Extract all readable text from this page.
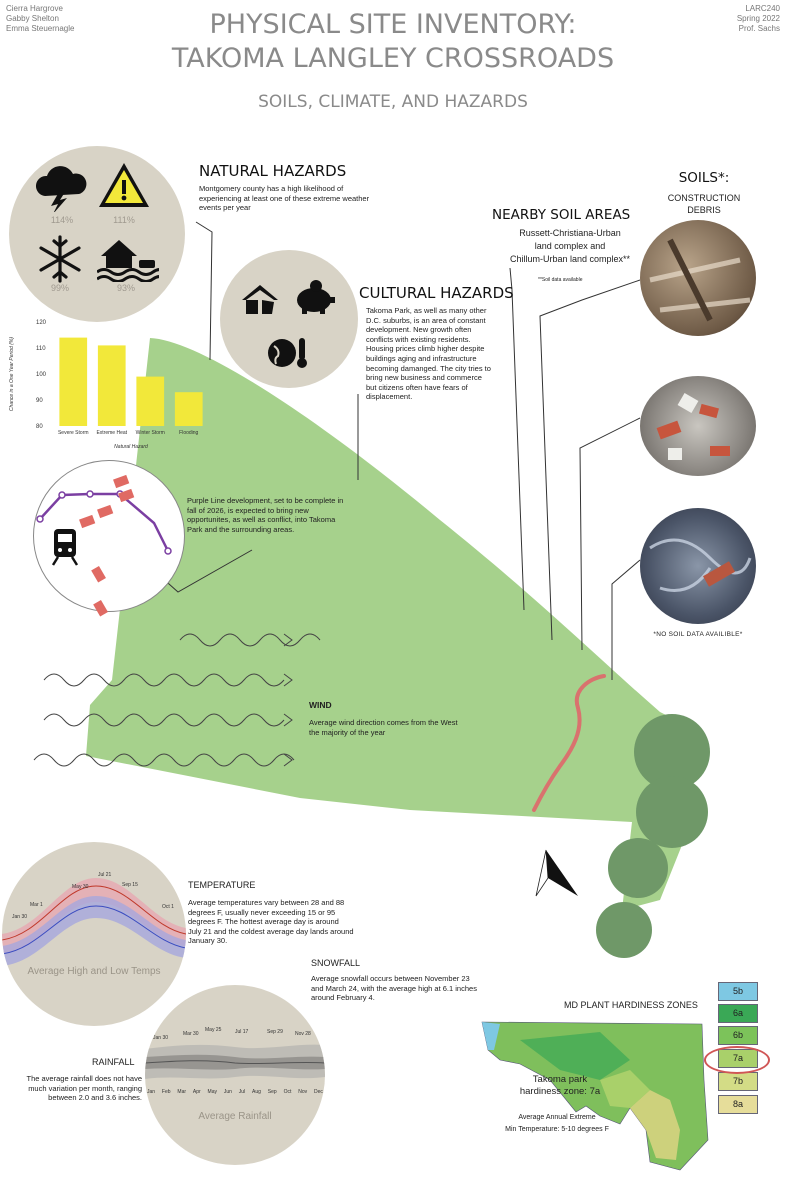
Cierra Hargrove
Gabby Shelton
Emma Steuernagle
LARC240
Spring 2022
Prof. Sachs
PHYSICAL SITE INVENTORY:
TAKOMA LANGLEY CROSSROADS
SOILS, CLIMATE, AND HAZARDS
114%	111%
99%	93%
NATURAL HAZARDS
Montgomery county has a high likelihood of experiencing at least one of these extreme weather events per year
80
90
100
110
120
Severe Storm Extreme Heat Winter Storm	Flooding
Natural Hazard
Chance in a One Year Period (%)
CULTURAL HAZARDS
Takoma Park, as well as many other D.C. suburbs, is an area of constant development. New growth often conflicts with existing residents. Housing prices climb higher despite buildings aging and infrastructure becoming damanged. The city tries to bring new business and commerce but citizens often have fears of displacement.
Purple Line development, set to be complete in fall of 2026, is expected to bring new opportunites, as well as conflict, into Takoma Park and the surrounding areas.
WIND
Average wind direction comes from the West the majority of the year
NEARBY SOIL AREAS
Russett-Christiana-Urban
land complex and
Chillum-Urban land complex**
**Soil data available
SOILS*:
CONSTRUCTION
DEBRIS
*NO SOIL DATA AVAILIBLE*
Jan 30
Mar 1
May 30
Jul 21
Sep 15
Oct 1
Average High and Low Temps
TEMPERATURE
Average temperatures vary between 28 and 88 degrees F, usually never exceeding 15 or 95 degrees F. The hottest average day is around July 21 and the coldest average day lands around January 30.
SNOWFALL
Average snowfall occurs between November 23 and March 24, with the average high at 6.1 inches around February 4.
Jan 30
Mar 30
May 25	Jul 17	Sep 29 Nov 28
Jan Feb Mar Apr May Jun Jul Aug Sep Oct Nov Dec
Average Rainfall
RAINFALL
The average rainfall does not have much variation per month, ranging between 2.0 and 3.6 inches.
MD PLANT HARDINESS ZONES
Takoma park
hardiness zone: 7a
Average Annual Extreme
Min Temperature: 5-10 degrees F
5b
6a
6b
7a
7b
8a
